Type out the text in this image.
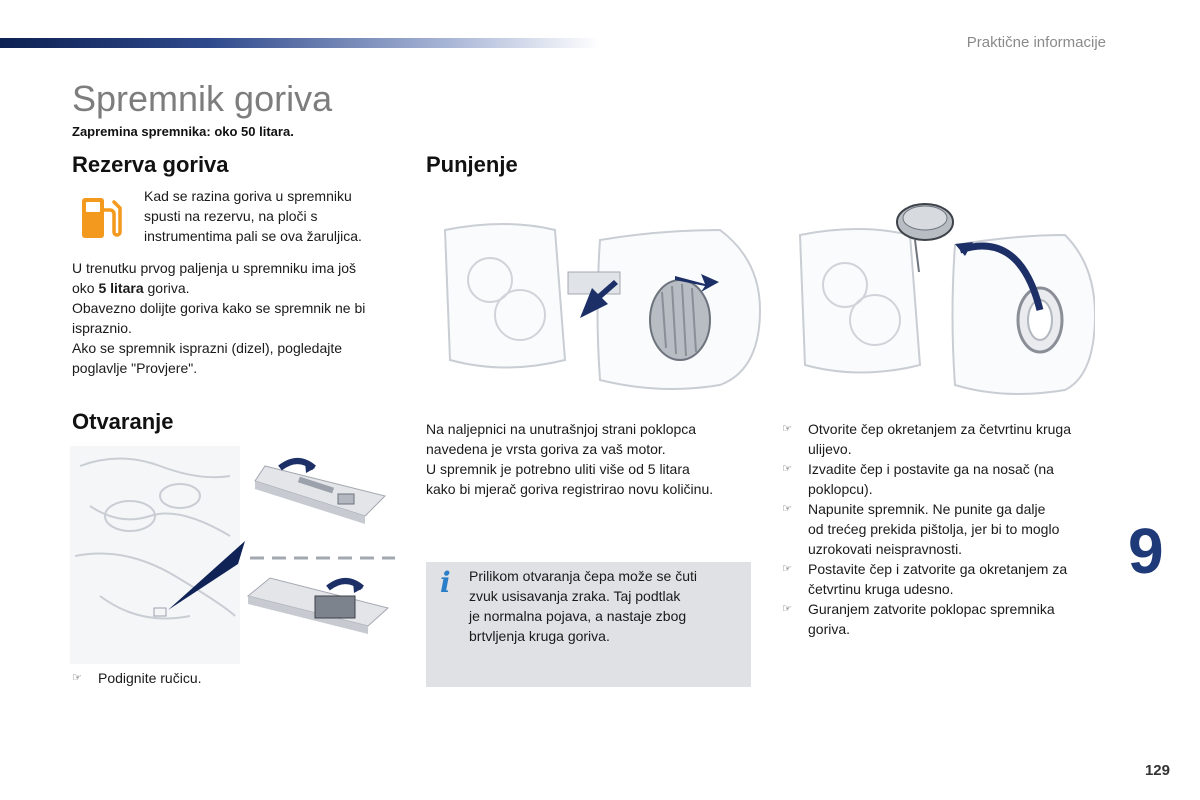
Praktične informacije
Spremnik goriva
Zapremina spremnika: oko 50 litara.
Rezerva goriva

Kad se razina goriva u spremniku

spusti na rezervu, na ploči s

instrumentima pali se ova žaruljica.

U trenutku prvog paljenja u spremniku ima još

oko 5 litara goriva.

Obavezno dolijte goriva kako se spremnik ne bi

isprazni​o.

Ako se spremnik isprazni (dizel), pogledajte

poglavlje "Provjere".

Otvaranje

☞ Podignite ručicu.

Punjenje

Na naljepnici na unutrašnjoj strani poklopca

navedena je vrsta goriva za vaš motor.

U spremnik je potrebno uliti više od 5 litara

kako bi mjerač goriva registrirao novu količinu.

i Prilikom otvaranja čepa može se čuti
zvuk usisavanja zraka. Taj podtlak
je normalna pojava, a nastaje zbog
brtvljenja kruga goriva.
☞ Otvorite čep okretanjem za četvrtinu kruga
ulijevo.
☞ Izvadite čep i postavite ga na nosač (na
poklopcu).
☞ Napunite spremnik. Ne punite ga dalje
od trećeg prekida pištolja, jer bi to moglo
uzrokovati neispravnosti.
☞ Postavite čep i zatvorite ga okretanjem za
četvrtinu kruga udesno.
☞ Guranjem zatvorite poklopac spremnika
goriva.
9
129
